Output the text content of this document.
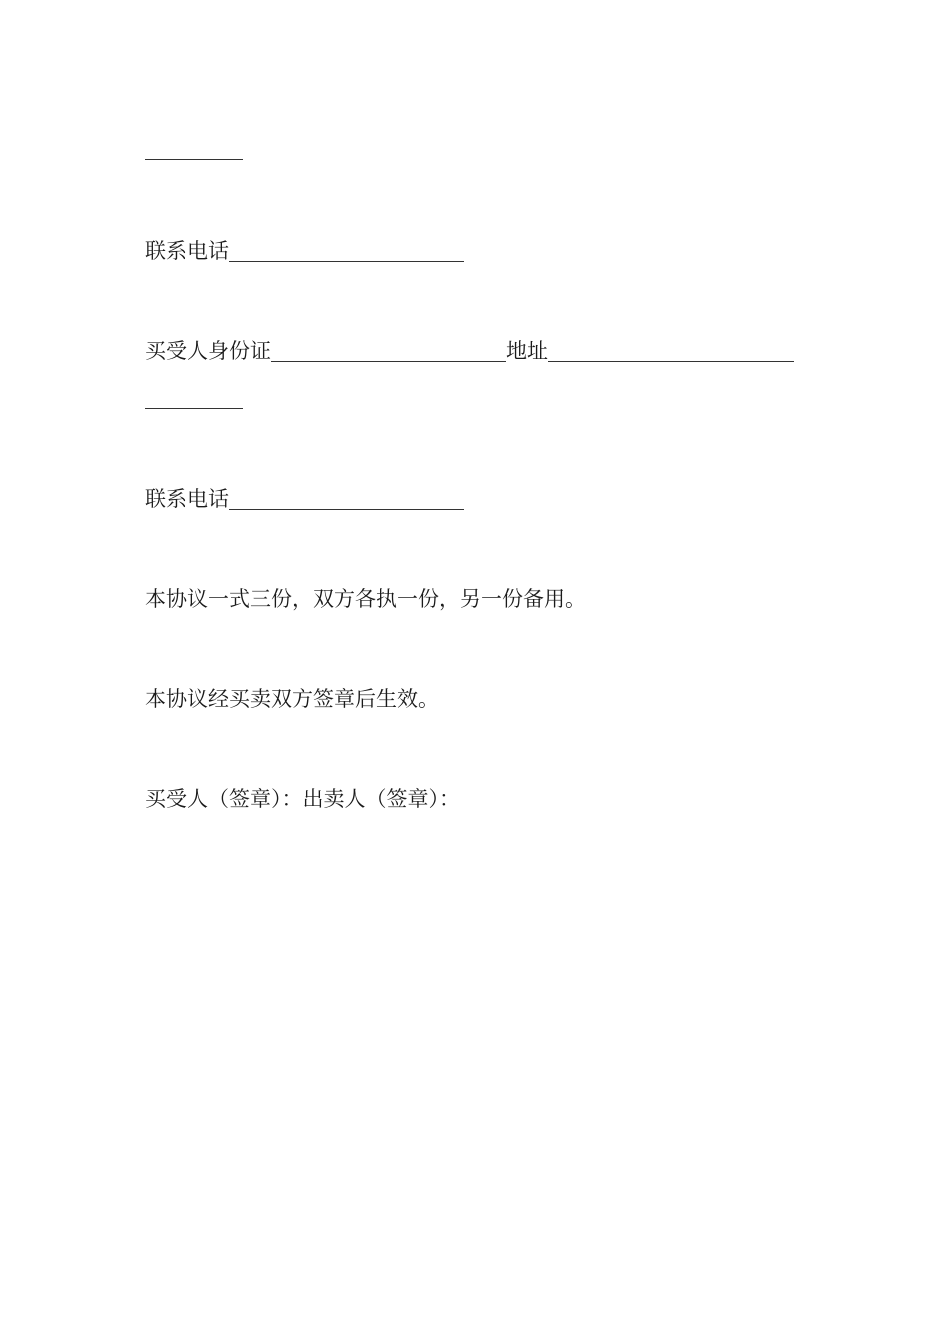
联系电话
买受人身份证	地址
联系电话
本协议一式三份，双方各执一份，另一份备用。
本协议经买卖双方签章后生效。
买受人（签章）：出卖人（签章）：
